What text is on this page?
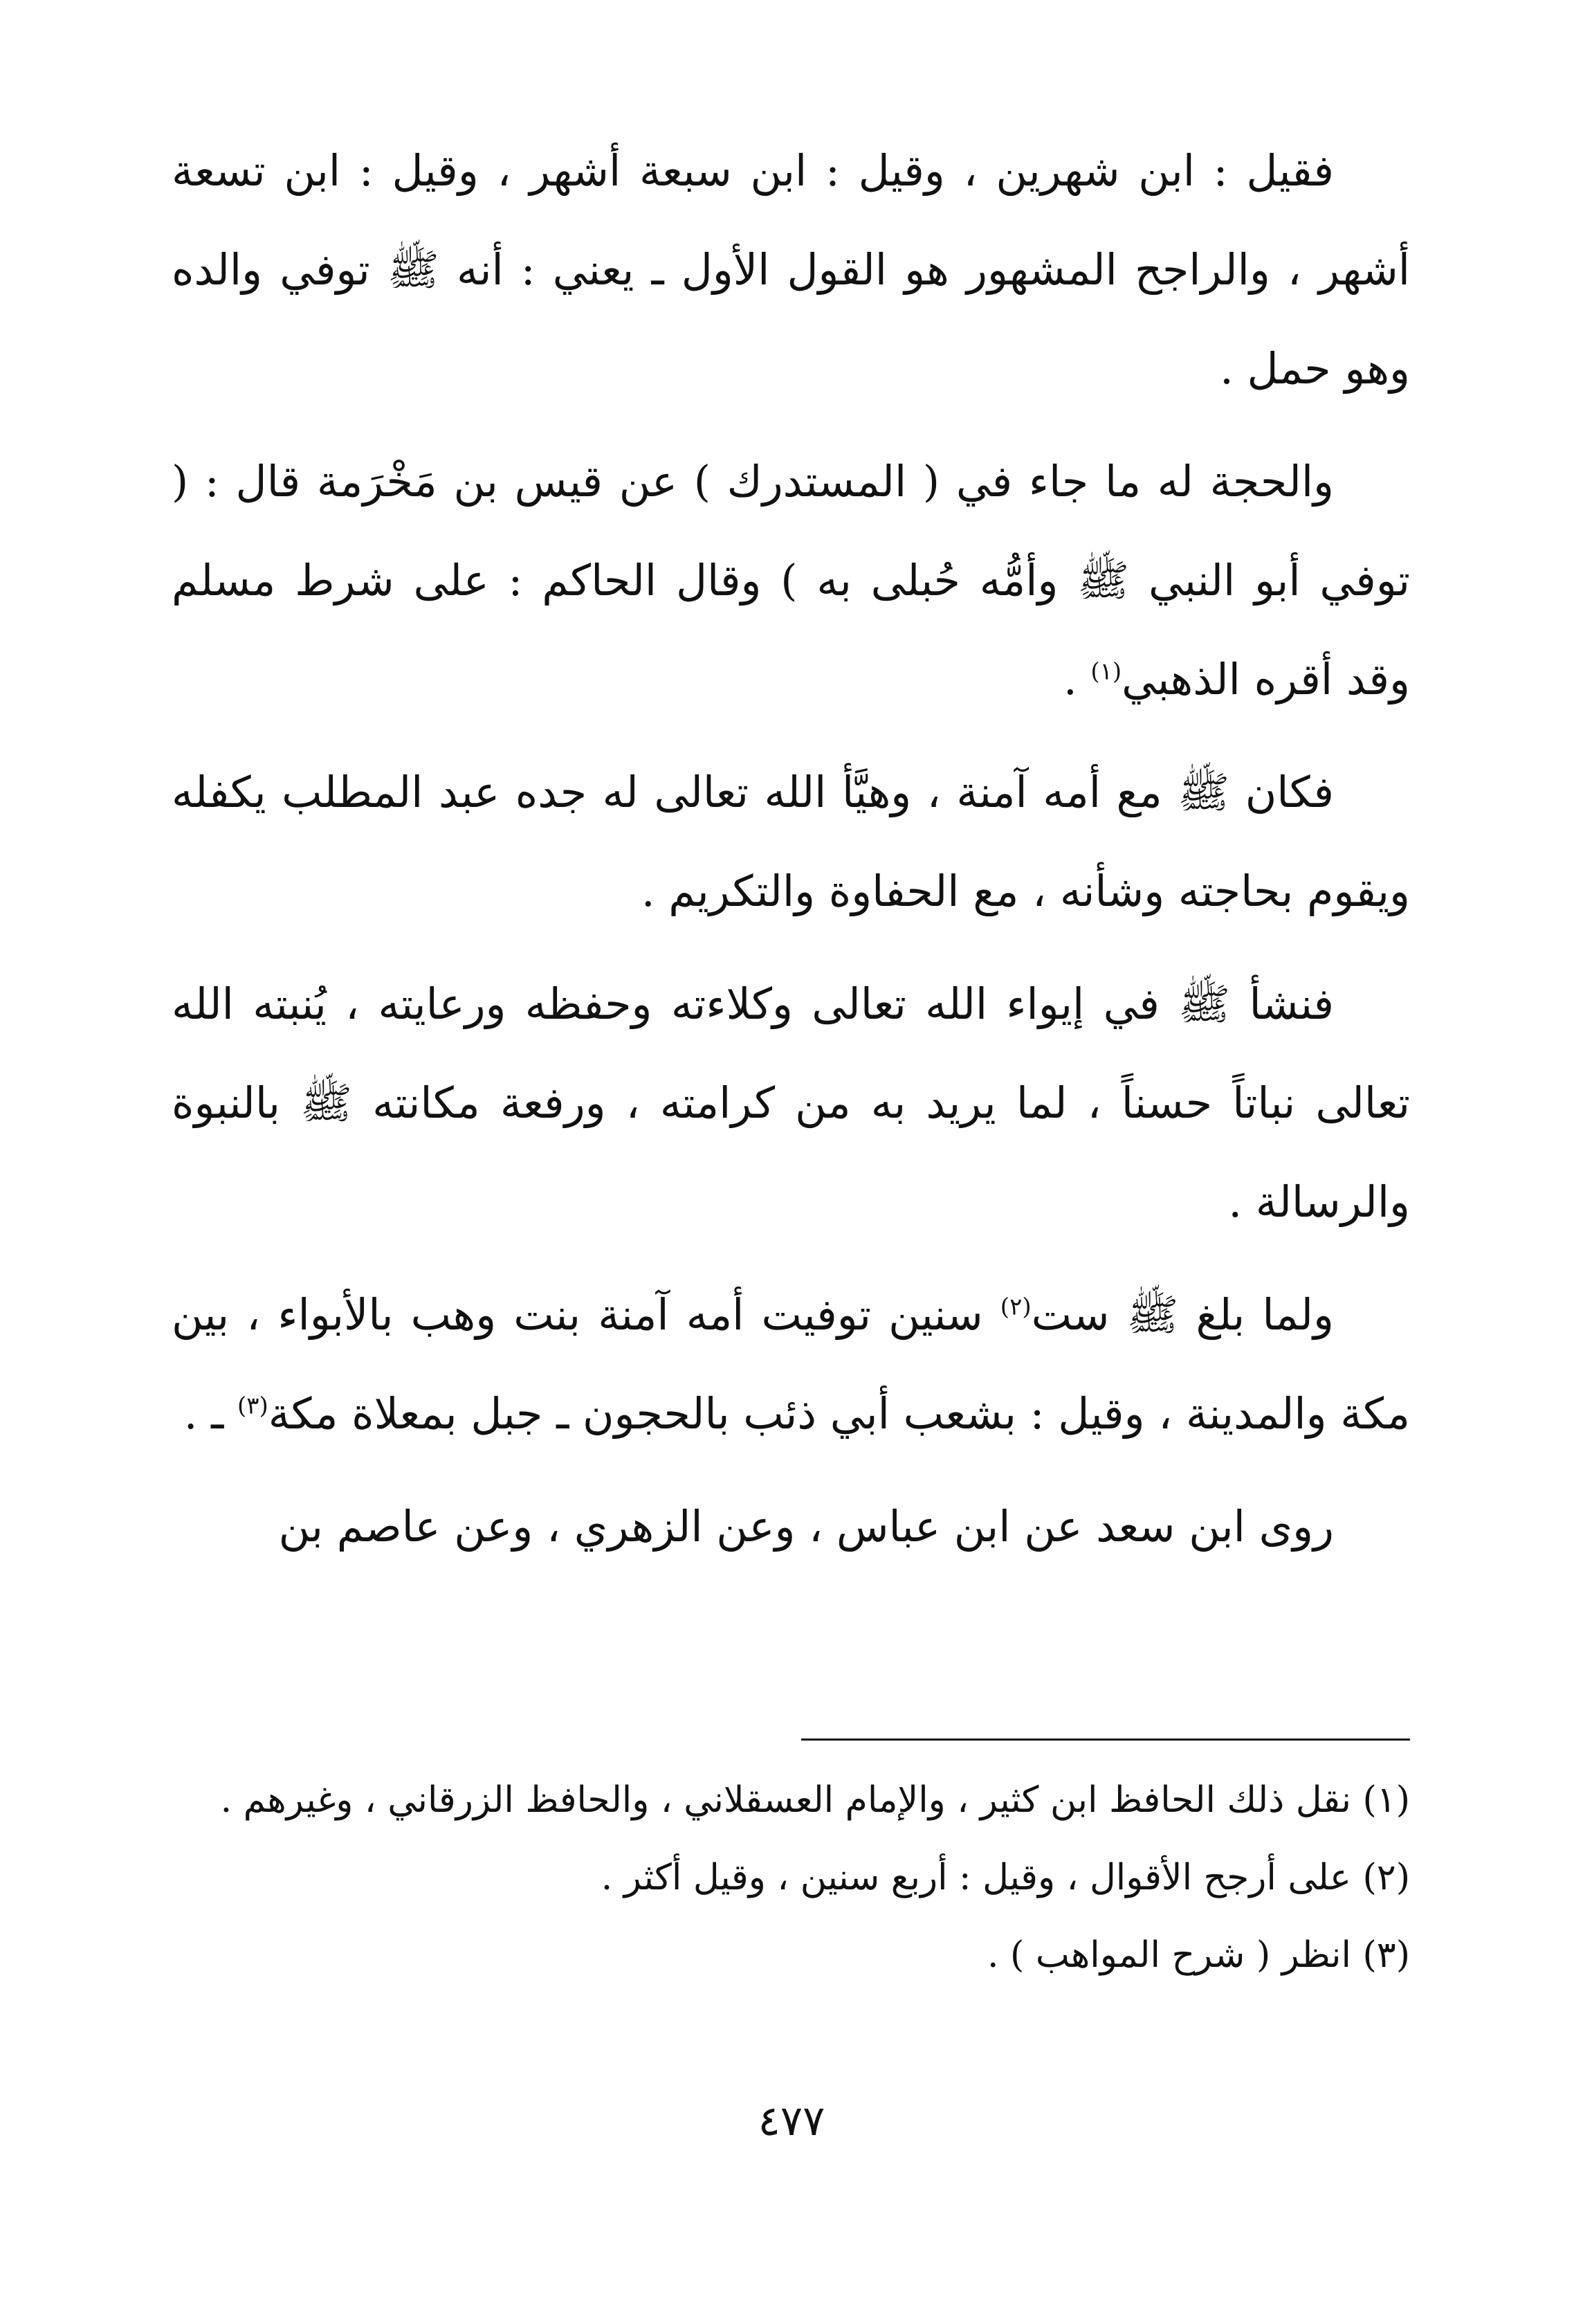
فقيل : ابن شهرين ، وقيل : ابن سبعة أشهر ، وقيل : ابن تسعة أشهر ، والراجح المشهور هو القول الأول ـ يعني : أنه ﷺ توفي والده وهو حمل .

والحجة له ما جاء في ( المستدرك ) عن قيس بن مَخْرَمة قال : ( توفي أبو النبي ﷺ وأمُّه حُبلى به ) وقال الحاكم : على شرط مسلم وقد أقره الذهبي$^{(١)}$ .

فكان ﷺ مع أمه آمنة ، وهيَّأ الله تعالى له جده عبد المطلب يكفله ويقوم بحاجته وشأنه ، مع الحفاوة والتكريم .

فنشأ ﷺ في إيواء الله تعالى وكلاءته وحفظه ورعايته ، يُنبته الله تعالى نباتاً حسناً ، لما يريد به من كرامته ، ورفعة مكانته ﷺ بالنبوة والرسالة .

ولما بلغ ﷺ ست$^{(٢)}$ سنين توفيت أمه آمنة بنت وهب بالأبواء ، بين مكة والمدينة ، وقيل : بشعب أبي ذئب بالحجون ـ جبل بمعلاة مكة$^{(٣)}$ ـ .

روى ابن سعد عن ابن عباس ، وعن الزهري ، وعن عاصم بن

(١) نقل ذلك الحافظ ابن كثير ، والإمام العسقلاني ، والحافظ الزرقاني ، وغيرهم .

(٢) على أرجح الأقوال ، وقيل : أربع سنين ، وقيل أكثر .

(٣) انظر ( شرح المواهب ) .

٤٧٧
